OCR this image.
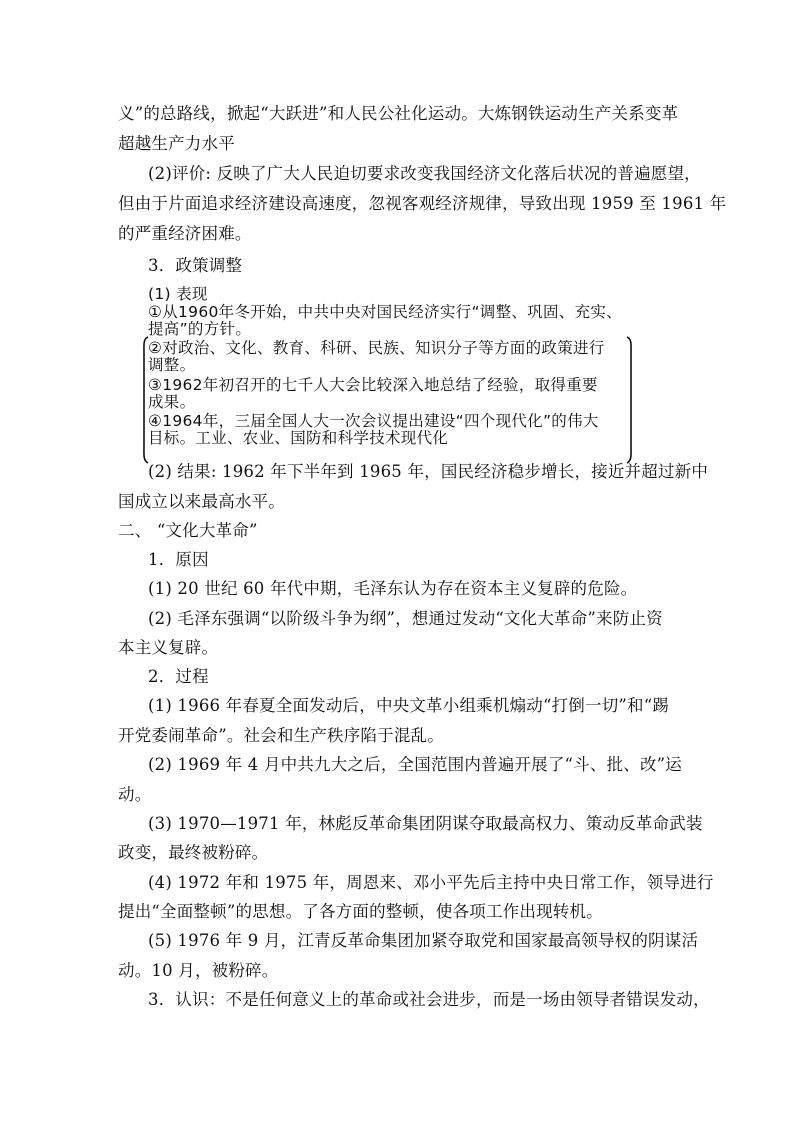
义”的总路线，掀起“大跃进”和人民公社化运动。大炼钢铁运动生产关系变革
超越生产力水平
(2)评价: 反映了广大人民迫切要求改变我国经济文化落后状况的普遍愿望，
但由于片面追求经济建设高速度，忽视客观经济规律，导致出现 1959 至 1961 年
的严重经济困难。
3．政策调整
(1) 表现
①从1960年冬开始，中共中央对国民经济实行“调整、巩固、充实、
提高”的方针。
②对政治、文化、教育、科研、民族、知识分子等方面的政策进行
调整。
③1962年初召开的七千人大会比较深入地总结了经验，取得重要
成果。
④1964年，三届全国人大一次会议提出建设“四个现代化”的伟大
目标。工业、农业、国防和科学技术现代化
(2) 结果: 1962 年下半年到 1965 年，国民经济稳步增长，接近并超过新中
国成立以来最高水平。
二、 “文化大革命”
1．原因
(1) 20 世纪 60 年代中期，毛泽东认为存在资本主义复辟的危险。
(2) 毛泽东强调“以阶级斗争为纲”，想通过发动“文化大革命”来防止资
本主义复辟。
2．过程
(1) 1966 年春夏全面发动后，中央文革小组乘机煽动“打倒一切”和“踢
开党委闹革命”。社会和生产秩序陷于混乱。
(2) 1969 年 4 月中共九大之后，全国范围内普遍开展了“斗、批、改”运
动。
(3) 1970—1971 年，林彪反革命集团阴谋夺取最高权力、策动反革命武装
政变，最终被粉碎。
(4) 1972 年和 1975 年，周恩来、邓小平先后主持中央日常工作，领导进行
提出“全面整顿”的思想。了各方面的整顿，使各项工作出现转机。
(5) 1976 年 9 月，江青反革命集团加紧夺取党和国家最高领导权的阴谋活
动。10 月，被粉碎。
3．认识：不是任何意义上的革命或社会进步，而是一场由领导者错误发动，
